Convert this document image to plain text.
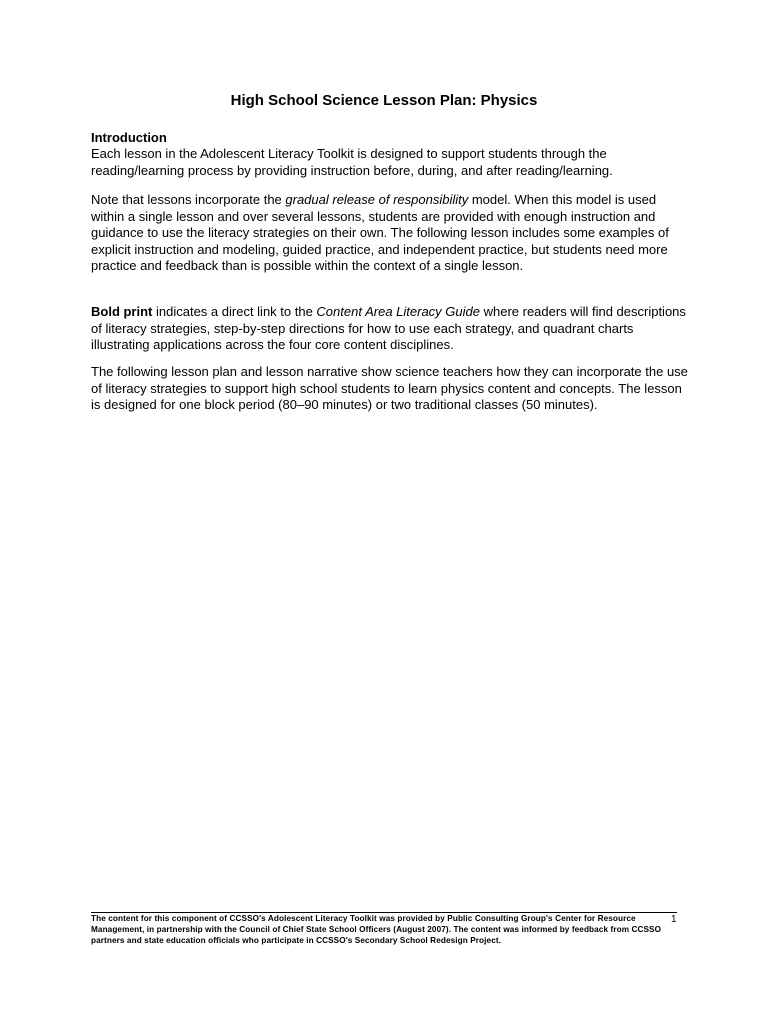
High School Science Lesson Plan: Physics
Introduction

Each lesson in the Adolescent Literacy Toolkit is designed to support students through the reading/learning process by providing instruction before, during, and after reading/learning.

Note that lessons incorporate the gradual release of responsibility model. When this model is used within a single lesson and over several lessons, students are provided with enough instruction and guidance to use the literacy strategies on their own. The following lesson includes some examples of explicit instruction and modeling, guided practice, and independent practice, but students need more practice and feedback than is possible within the context of a single lesson.

Bold print indicates a direct link to the Content Area Literacy Guide where readers will find descriptions of literacy strategies, step-by-step directions for how to use each strategy, and quadrant charts illustrating applications across the four core content disciplines.

The following lesson plan and lesson narrative show science teachers how they can incorporate the use of literacy strategies to support high school students to learn physics content and concepts. The lesson is designed for one block period (80–90 minutes) or two traditional classes (50 minutes).

The content for this component of CCSSO's Adolescent Literacy Toolkit was provided by Public Consulting Group's Center for Resource Management, in partnership with the Council of Chief State School Officers (August 2007). The content was informed by feedback from CCSSO partners and state education officials who participate in CCSSO's Secondary School Redesign Project.
1
